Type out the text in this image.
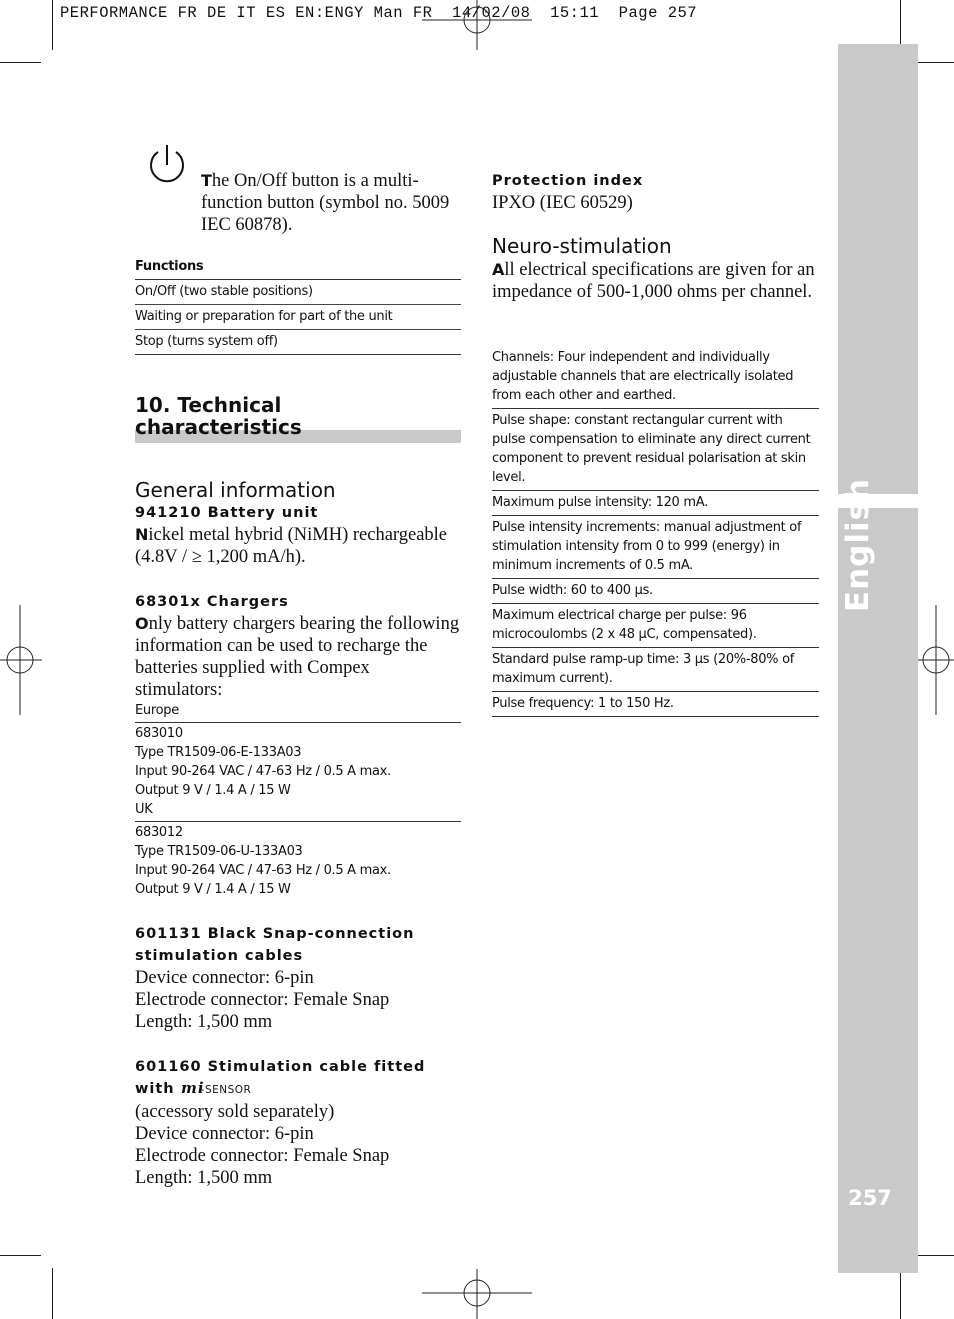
PERFORMANCE FR DE IT ES EN:ENGY Man FR  14/02/08  15:11  Page 257
English
257
The On/Off button is a multi-function button (symbol no. 5009 IEC 60878).
Functions
On/Off (two stable positions)
Waiting or preparation for part of the unit
Stop (turns system off)
10. Technical characteristics
General information
941210 Battery unit
Nickel metal hybrid (NiMH) rechargeable (4.8V / ≥ 1,200 mA/h).
68301x Chargers
Only battery chargers bearing the following information can be used to recharge the batteries supplied with Compex stimulators:
Europe
683010
Type TR1509-06-E-133A03
Input 90-264 VAC / 47-63 Hz / 0.5 A max.
Output 9 V / 1.4 A / 15 W
UK
683012
Type TR1509-06-U-133A03
Input 90-264 VAC / 47-63 Hz / 0.5 A max.
Output 9 V / 1.4 A / 15 W
601131 Black Snap-connection
stimulation cables
Device connector: 6-pin
Electrode connector: Female Snap
Length: 1,500 mm
601160 Stimulation cable fitted
with mi
-SENSOR
(accessory sold separately)
Device connector: 6-pin
Electrode connector: Female Snap
Length: 1,500 mm
Protection index
IPXO (IEC 60529)
Neuro-stimulation
All electrical specifications are given for an impedance of 500-1,000 ohms per channel.
Channels: Four independent and individually adjustable channels that are electrically isolated from each other and earthed.
Pulse shape: constant rectangular current with pulse compensation to eliminate any direct current component to prevent residual polarisation at skin level.
Maximum pulse intensity: 120 mA.
Pulse intensity increments: manual adjustment of stimulation intensity from 0 to 999 (energy) in minimum increments of 0.5 mA.
Pulse width: 60 to 400 µs.
Maximum electrical charge per pulse: 96 microcoulombs (2 x 48 µC, compensated).
Standard pulse ramp-up time: 3 µs (20%-80% of maximum current).
Pulse frequency: 1 to 150 Hz.
